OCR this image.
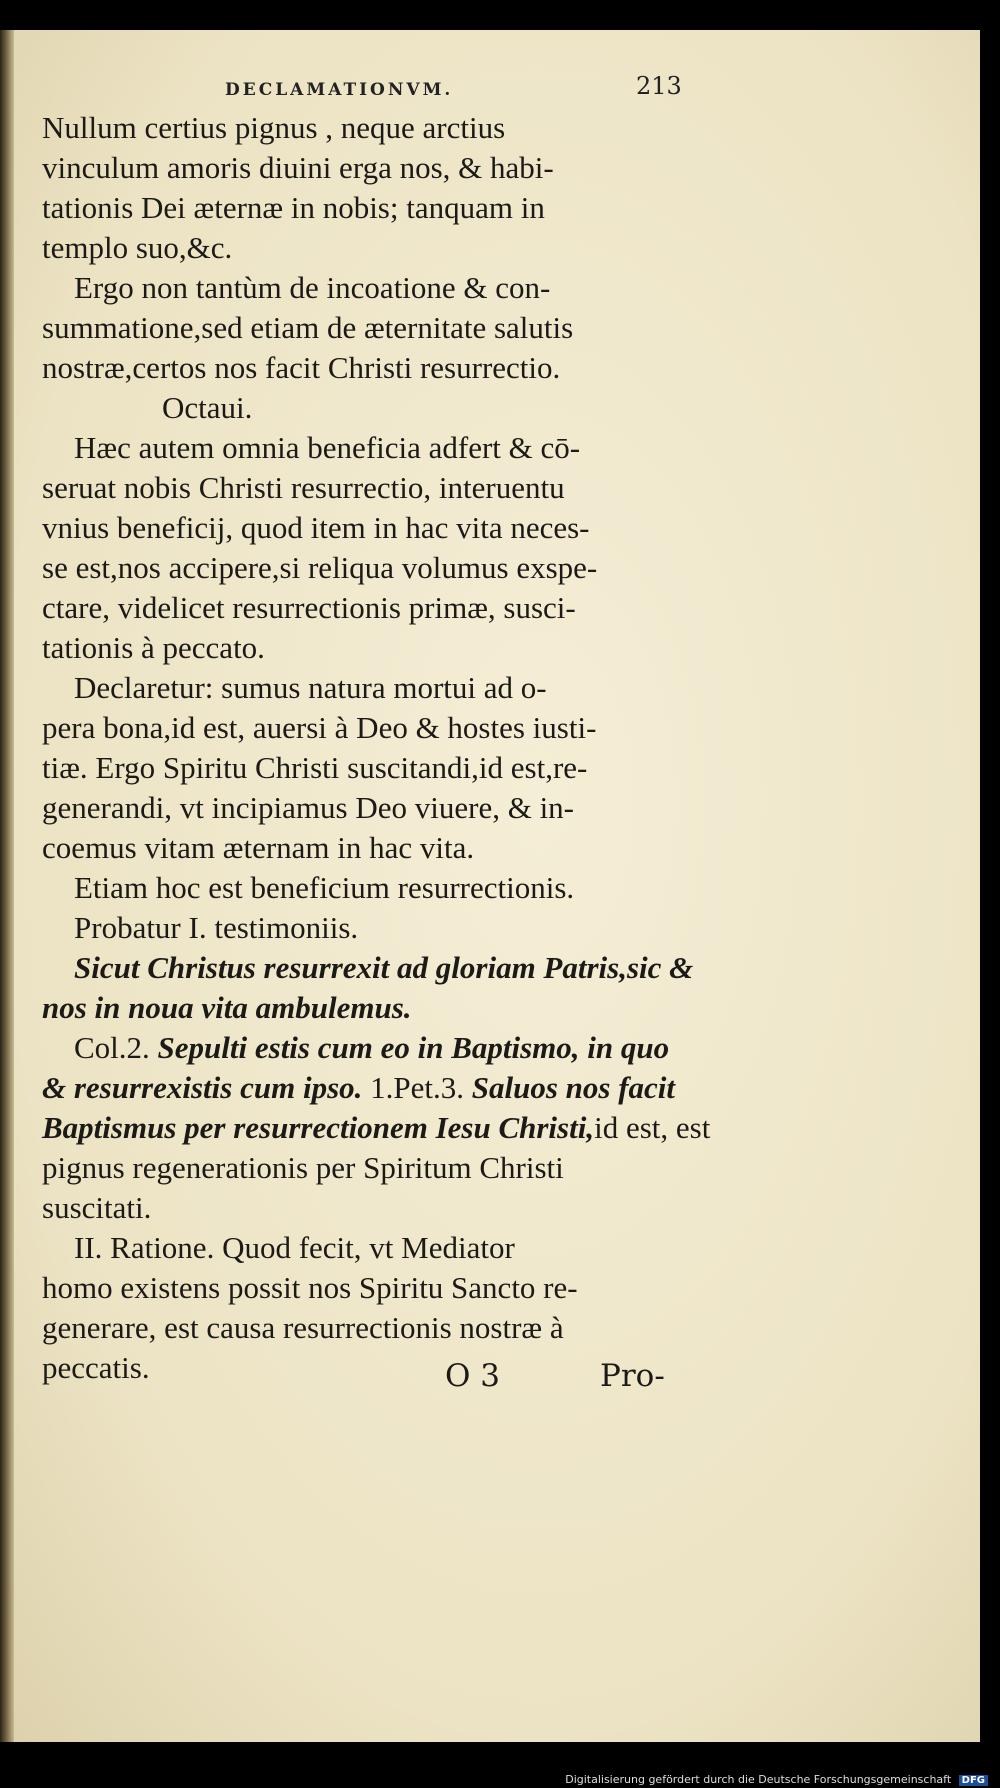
DECLAMATIONVM.	213
Nullum certius pignus , neque arctius
vinculum amoris diuini erga nos, & habi-
tationis Dei æternæ in nobis; tanquam in
templo suo,&c.
Ergo non tantùm de incoatione & con-
summatione,sed etiam de æternitate salutis
nostræ,certos nos facit Christi resurrectio.
Octaui.
Hæc autem omnia beneficia adfert & cō-
seruat nobis Christi resurrectio, interuentu
vnius beneficij, quod item in hac vita neces-
se est,nos accipere,si reliqua volumus exspe-
ctare, videlicet resurrectionis primæ, susci-
tationis à peccato.
Declaretur: sumus natura mortui ad o-
pera bona,id est, auersi à Deo & hostes iusti-
tiæ. Ergo Spiritu Christi suscitandi,id est,re-
generandi, vt incipiamus Deo viuere, & in-
coemus vitam æternam in hac vita.
Etiam hoc est beneficium resurrectionis.
Probatur I. testimoniis.
Sicut Christus resurrexit ad gloriam Patris,sic &
nos in noua vita ambulemus.
Col.2. Sepulti estis cum eo in Baptismo, in quo
& resurrexistis cum ipso. 1.Pet.3. Saluos nos facit
Baptismus per resurrectionem Iesu Christi,id est, est
pignus regenerationis per Spiritum Christi
suscitati.
II. Ratione. Quod fecit, vt Mediator
homo existens possit nos Spiritu Sancto re-
generare, est causa resurrectionis nostræ à
peccatis.	O 3	Pro-
Digitalisierung gefördert durch die Deutsche Forschungsgemeinschaft DFG
